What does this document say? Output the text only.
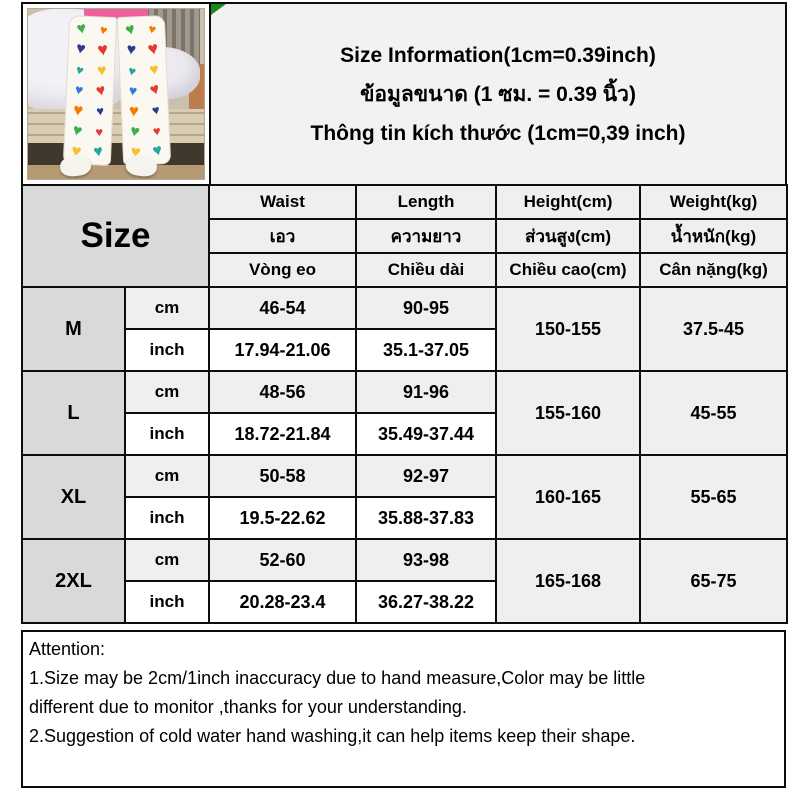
♥
♥
♥
♥
♥
♥
♥
♥
♥
♥
♥
♥
♥
♥
♥
♥
♥
♥
♥
♥
♥
♥
♥
♥
♥
♥
♥
♥
Size Information(1cm=0.39inch)
ข้อมูลขนาด (1 ซม. = 0.39 นิ้ว)
Thông tin kích thước (1cm=0,39 inch)
Size		Waist	Length	Height(cm)	Weight(kg)
		เอว	ความยาว	ส่วนสูง(cm)	น้ำหนัก(kg)
		Vòng eo	Chiều dài	Chiều cao(cm)	Cân nặng(kg)
M	cm	46-54	90-95	150-155	37.5-45
	inch	17.94-21.06	35.1-37.05		
L	cm	48-56	91-96	155-160	45-55
	inch	18.72-21.84	35.49-37.44		
XL	cm	50-58	92-97	160-165	55-65
	inch	19.5-22.62	35.88-37.83		
2XL	cm	52-60	93-98	165-168	65-75
	inch	20.28-23.4	36.27-38.22		
Attention:
1.Size may be 2cm/1inch inaccuracy due to hand measure,Color may be little
different due to monitor ,thanks for your understanding.
2.Suggestion of cold water hand washing,it can help items keep their shape.
